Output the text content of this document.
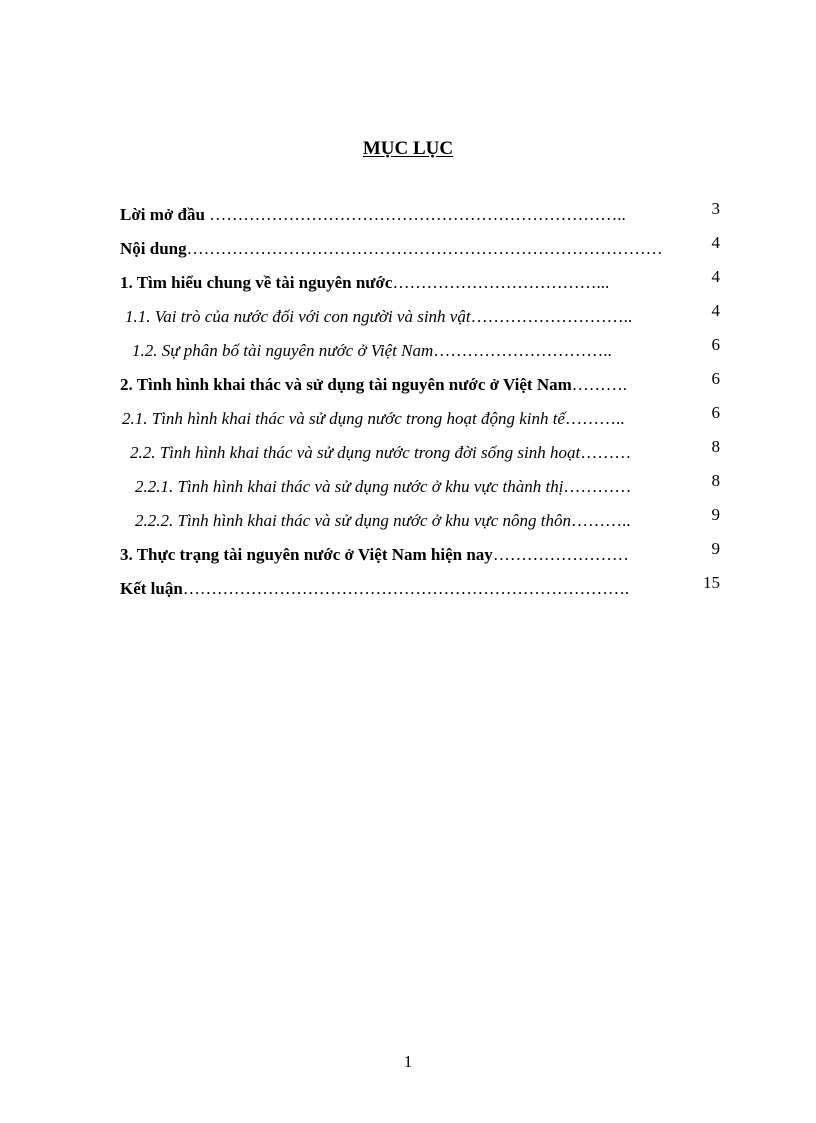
MỤC LỤC
Lời mở đầu ………………………………………………………………..	3
Nội dung…………………………………………………………………………	4
1. Tìm hiểu chung về tài nguyên nước………………………………...	4
1.1. Vai trò của nước đối với con người và sinh vật………………………..	4
1.2. Sự phân bố tài nguyên nước ở Việt Nam…………………………..	6
2. Tình hình khai thác và sử dụng tài nguyên nước ở Việt Nam……….	6
2.1. Tình hình khai thác và sử dụng nước trong hoạt động kinh tế………..	6
2.2. Tình hình khai thác và sử dụng nước trong đời sống sinh hoạt………	8
2.2.1. Tình hình khai thác và sử dụng nước ở khu vực thành thị…………	8
2.2.2. Tình hình khai thác và sử dụng nước ở khu vực nông thôn………..	9
3. Thực trạng tài nguyên nước ở Việt Nam hiện nay……………………	9
Kết luận…………………………………………………………………….	15
1
